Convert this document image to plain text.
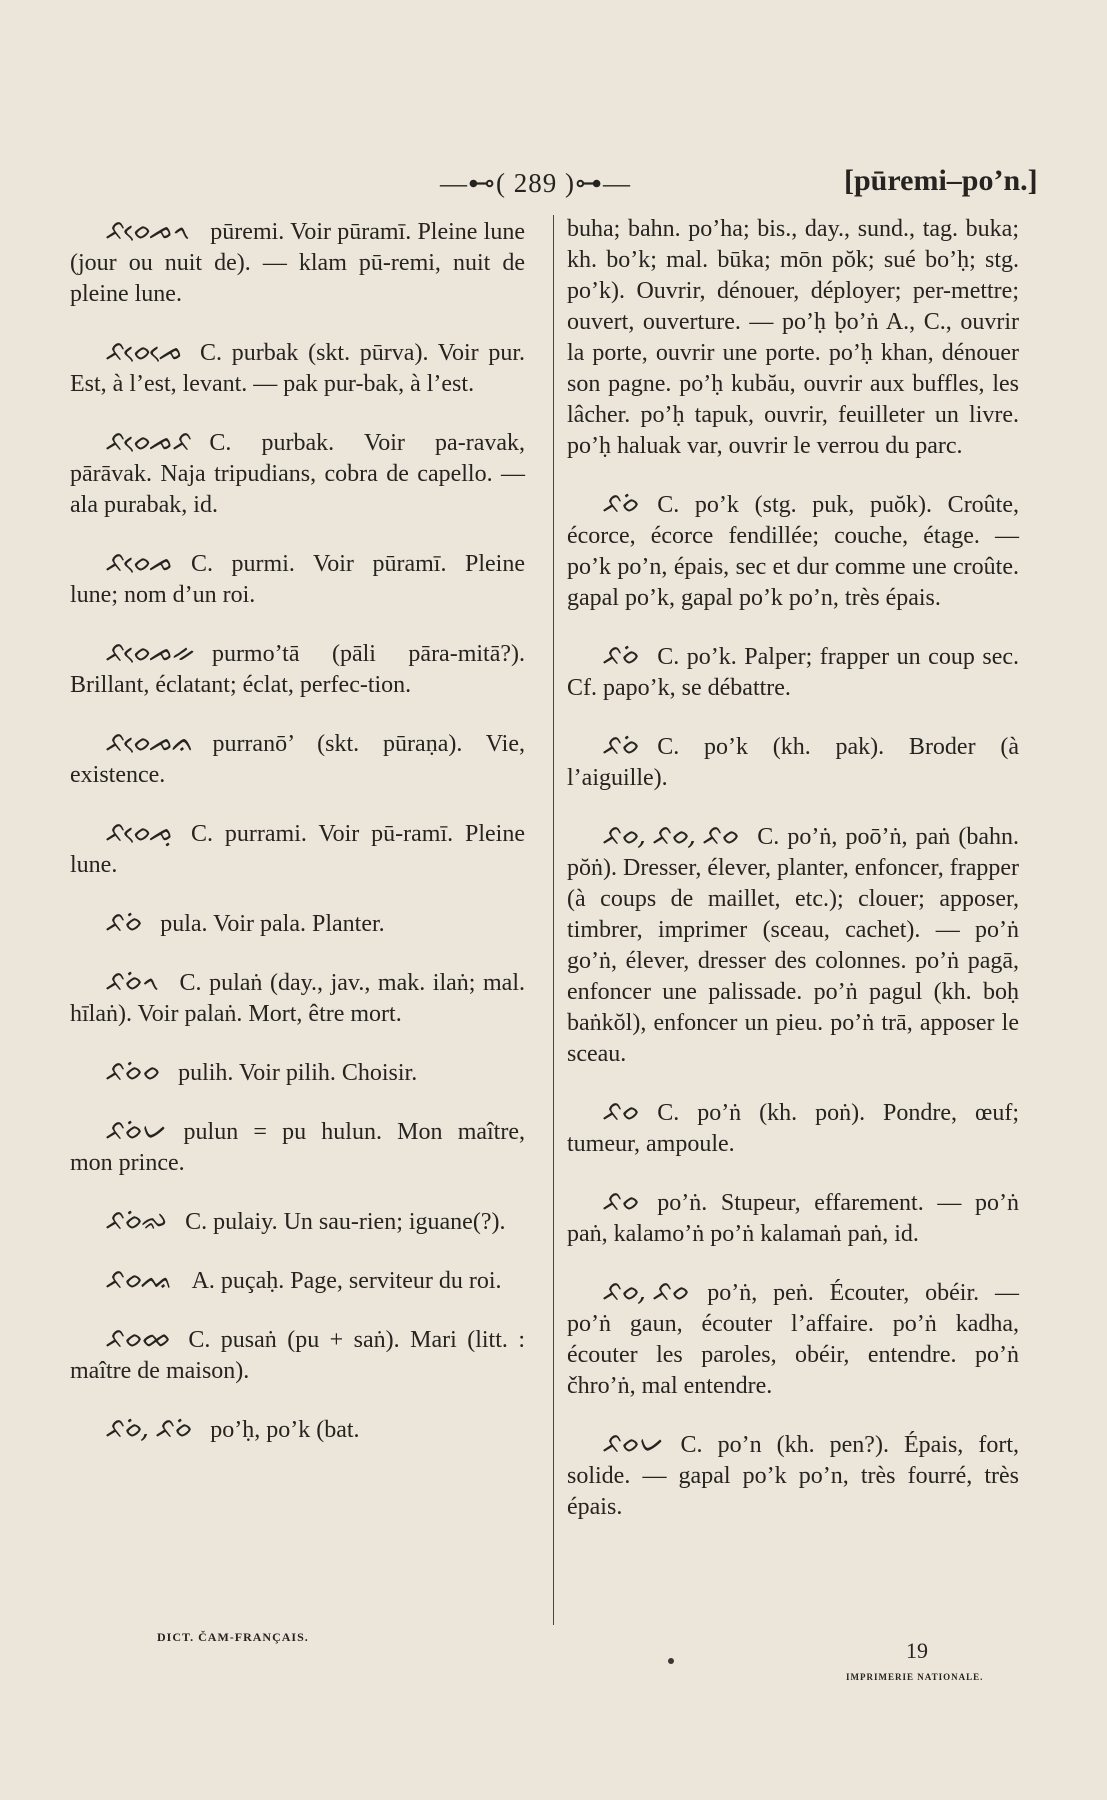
—⊷( 289 )⊶—	[pūremi–po’n.]

ᨅᨔᨙᨍᨚ pūremi. Voir pūramī. Pleine lune (jour ou nuit de). — klam pū-remi, nuit de pleine lune.

ᨅᨔᨙᨍᨙ C. purbak (skt. pūrva). Voir pur. Est, à l’est, levant. — pak pur-bak, à l’est.

ᨅᨔᨙᨍᨅ C. purbak. Voir pa-ravak, pārāvak. Naja tripudians, cobra de capello. — ala purabak, id.

ᨅᨔᨙᨍ C. purmi. Voir pūramī. Pleine lune; nom d’un roi.

ᨅᨔᨙᨍᨀ purmo’tā (pāli pāra-mitā?). Brillant, éclatant; éclat, perfec-tion.

ᨅᨔᨙᨍᨊ purranō’ (skt. pūraṇa). Vie, existence.

ᨅᨔᨙᨍᨘ C. purrami. Voir pū-ramī. Pleine lune.

ᨅᨔᨗ pula. Voir pala. Planter.

ᨅᨔᨗᨚ C. pulaṅ (day., jav., mak. ilaṅ; mal. hīlaṅ). Voir palaṅ. Mort, être mort.

ᨅᨔᨗᨔ pulih. Voir pilih. Choisir.

ᨅᨔᨗᨆ pulun = pu hulun. Mon maître, mon prince.

ᨅᨔᨗᨋ C. pulaiy. Un sau-rien; iguane(?).

ᨅᨔᨕ A. puçaḥ. Page, serviteur du roi.

ᨅᨔᨖ C. pusaṅ (pu + saṅ). Mari (litt. : maître de maison).

ᨅᨔᨗ, ᨅᨔᨗ po’ḥ, po’k (bat.

buha; bahn. po’ha; bis., day., sund., tag. buka; kh. bo’k; mal. būka; mōn pŏk; sué bo’ḥ; stg. po’k). Ouvrir, dénouer, déployer; per-mettre; ouvert, ouverture. — po’ḥ ḅo’ṅ A., C., ouvrir la porte, ouvrir une porte. po’ḥ khan, dénouer son pagne. po’ḥ kubău, ouvrir aux buffles, les lâcher. po’ḥ tapuk, ouvrir, feuilleter un livre. po’ḥ haluak var, ouvrir le verrou du parc.

ᨅᨔᨗ C. po’k (stg. puk, puŏk). Croûte, écorce, écorce fendillée; couche, étage. — po’k po’n, épais, sec et dur comme une croûte. gapal po’k, gapal po’k po’n, très épais.

ᨅᨔᨗ C. po’k. Palper; frapper un coup sec. Cf. papo’k, se débattre.

ᨅᨔᨗ C. po’k (kh. pak). Broder (à l’aiguille).

ᨅᨔ, ᨅᨔ, ᨅᨔ C. po’ṅ, poō’ṅ, paṅ (bahn. pŏṅ). Dresser, élever, planter, enfoncer, frapper (à coups de maillet, etc.); clouer; apposer, timbrer, imprimer (sceau, cachet). — po’ṅ go’ṅ, élever, dresser des colonnes. po’ṅ pagā, enfoncer une palissade. po’ṅ pagul (kh. boḥ baṅkŏl), enfoncer un pieu. po’ṅ trā, apposer le sceau.

ᨅᨔ C. po’ṅ (kh. poṅ). Pondre, œuf; tumeur, ampoule.

ᨅᨔ po’ṅ. Stupeur, effarement. — po’ṅ paṅ, kalamo’ṅ po’ṅ kalamaṅ paṅ, id.

ᨅᨔ, ᨅᨔ po’ṅ, peṅ. Écouter, obéir. — po’ṅ gaun, écouter l’affaire. po’ṅ kadha, écouter les paroles, obéir, entendre. po’ṅ čhro’ṅ, mal entendre.

ᨅᨔᨆ C. po’n (kh. pen?). Épais, fort, solide. — gapal po’k po’n, très fourré, très épais.

DICT. ČAM-FRANÇAIS.
19
IMPRIMERIE NATIONALE.
